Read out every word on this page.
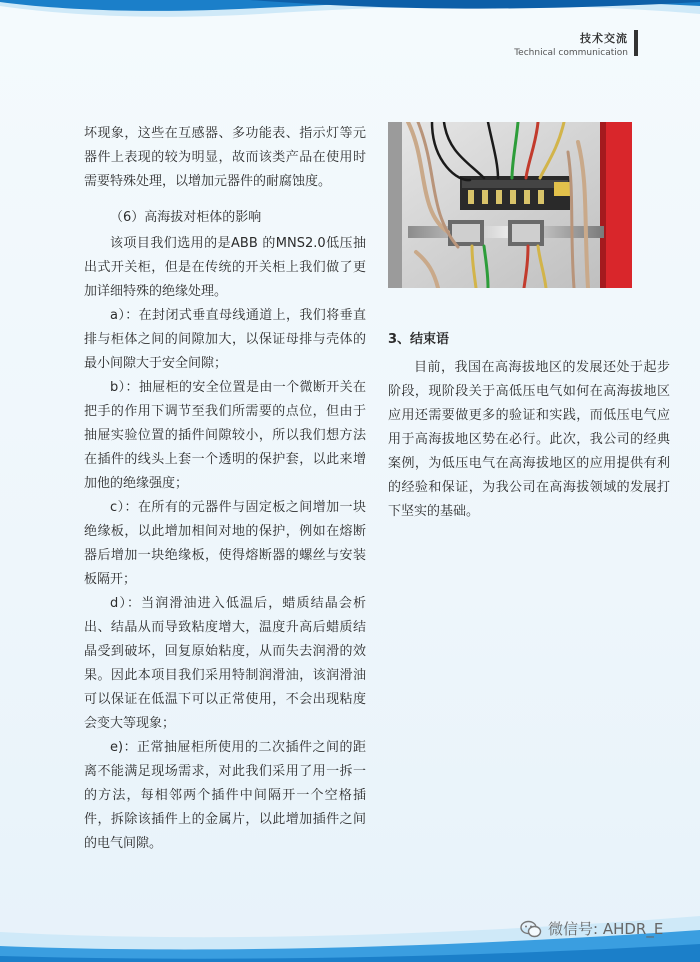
技术交流
Technical communication

坏现象，这些在互感器、多功能表、指示灯等元器件上表现的较为明显，故而该类产品在使用时需要特殊处理，以增加元器件的耐腐蚀度。

（6）高海拔对柜体的影响

该项目我们选用的是ABB 的MNS2.0低压抽出式开关柜，但是在传统的开关柜上我们做了更加详细特殊的绝缘处理。

a）：在封闭式垂直母线通道上，我们将垂直排与柜体之间的间隙加大，以保证母排与壳体的最小间隙大于安全间隙；

b）：抽屉柜的安全位置是由一个微断开关在把手的作用下调节至我们所需要的点位，但由于抽屉实验位置的插件间隙较小，所以我们想方法在插件的线头上套一个透明的保护套，以此来增加他的绝缘强度；

c）：在所有的元器件与固定板之间增加一块绝缘板，以此增加相间对地的保护，例如在熔断器后增加一块绝缘板，使得熔断器的螺丝与安装板隔开；

d）：当润滑油进入低温后，蜡质结晶会析出、结晶从而导致粘度增大，温度升高后蜡质结晶受到破坏，回复原始粘度，从而失去润滑的效果。因此本项目我们采用特制润滑油，该润滑油可以保证在低温下可以正常使用，不会出现粘度会变大等现象；

e)：正常抽屉柜所使用的二次插件之间的距离不能满足现场需求，对此我们采用了用一拆一的方法，每相邻两个插件中间隔开一个空格插件，拆除该插件上的金属片，以此增加插件之间的电气间隙。

3、结束语

目前，我国在高海拔地区的发展还处于起步阶段，现阶段关于高低压电气如何在高海拔地区应用还需要做更多的验证和实践，而低压电气应用于高海拔地区势在必行。此次，我公司的经典案例，为低压电气在高海拔地区的应用提供有利的经验和保证，为我公司在高海拔领域的发展打下坚实的基础。

微信号: AHDR_E
